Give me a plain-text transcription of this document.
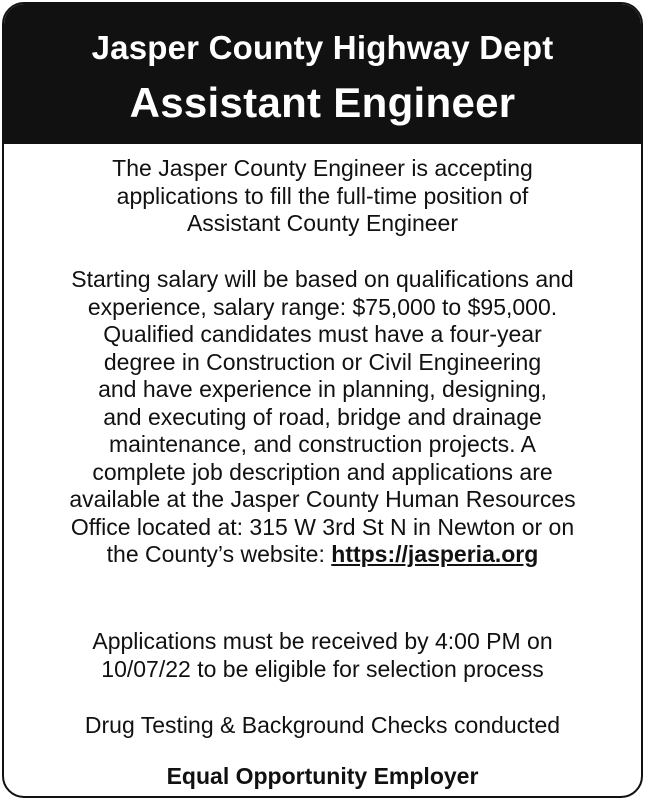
Jasper County Highway Dept
Assistant Engineer
The Jasper County Engineer is accepting
applications to fill the full-time position of
Assistant County Engineer
Starting salary will be based on qualifications and
experience, salary range: $75,000 to $95,000.
Qualified candidates must have a four-year
degree in Construction or Civil Engineering
and have experience in planning, designing,
and executing of road, bridge and drainage
maintenance, and construction projects. A
complete job description and applications are
available at the Jasper County Human Resources
Office located at: 315 W 3rd St N in Newton or on
the County’s website: https://jasperia.org
Applications must be received by 4:00 PM on
10/07/22 to be eligible for selection process
Drug Testing & Background Checks conducted
Equal Opportunity Employer
